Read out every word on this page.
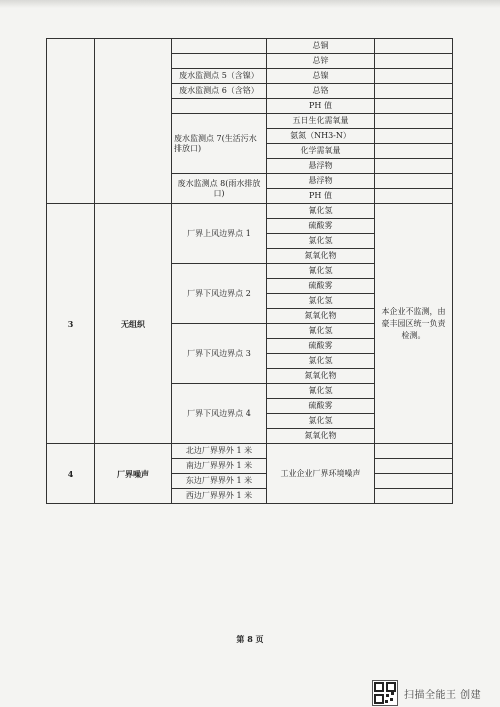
			总铜	
			总锌	
		废水监测点 5（含镍）	总镍	
		废水监测点 6（含铬）	总铬	
			PH 值	
		废水监测点 7(生活污水排放口)	五日生化需氧量	
			氨氮（NH3-N）	
			化学需氧量	
			悬浮物	
		废水监测点 8(雨水排放口)	悬浮物	
			PH 值	
3	无组织	厂界上风边界点 1	氰化氢	本企业不监测，由豪丰园区统一负责检测。
			硫酸雾	
			氯化氢	
			氮氧化物	
		厂界下风边界点 2	氰化氢	
			硫酸雾	
			氯化氢	
			氮氧化物	
		厂界下风边界点 3	氰化氢	
			硫酸雾	
			氯化氢	
			氮氧化物	
		厂界下风边界点 4	氰化氢	
			硫酸雾	
			氯化氢	
			氮氧化物	
4	厂界噪声	北边厂界界外 1 米	工业企业厂界环境噪声	
		南边厂界界外 1 米		
		东边厂界界外 1 米		
		西边厂界界外 1 米		
第 8 页
扫描全能王 创建
